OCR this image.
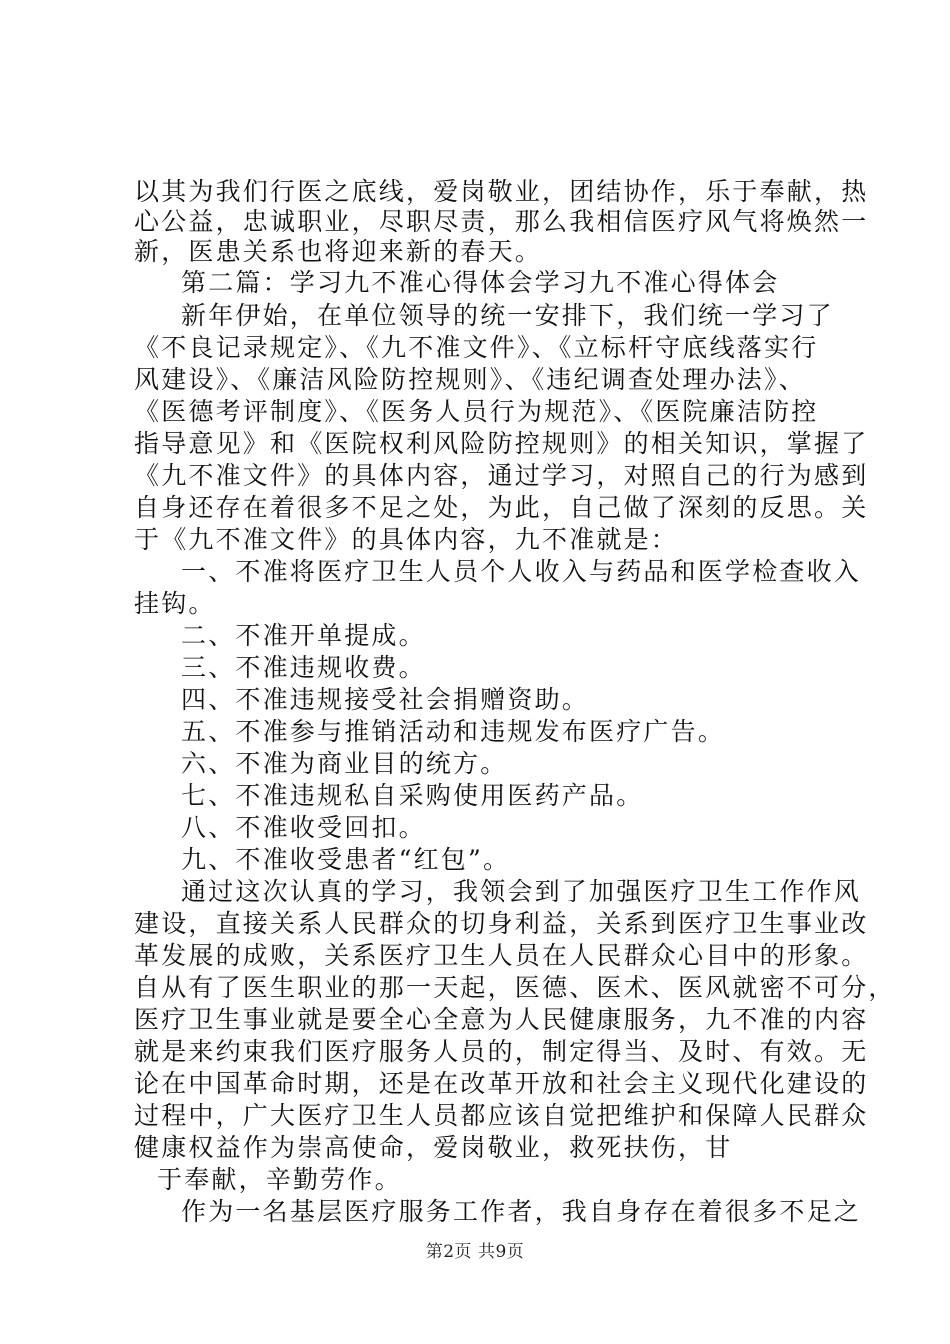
以其为我们行医之底线，爱岗敬业，团结协作，乐于奉献，热
心公益，忠诚职业，尽职尽责，那么我相信医疗风气将焕然一
新，医患关系也将迎来新的春天。
第二篇：学习九不准心得体会学习九不准心得体会
新年伊始，在单位领导的统一安排下，我们统一学习了
《不良记录规定》、《九不准文件》、《立标杆守底线落实行
风建设》、《廉洁风险防控规则》、《违纪调查处理办法》、
《医德考评制度》、《医务人员行为规范》、《医院廉洁防控
指导意见》和《医院权利风险防控规则》的相关知识，掌握了
《九不准文件》的具体内容，通过学习，对照自己的行为感到
自身还存在着很多不足之处，为此，自己做了深刻的反思。关
于《九不准文件》的具体内容，九不准就是：
一、不准将医疗卫生人员个人收入与药品和医学检查收入
挂钩。
二、不准开单提成。
三、不准违规收费。
四、不准违规接受社会捐赠资助。
五、不准参与推销活动和违规发布医疗广告。
六、不准为商业目的统方。
七、不准违规私自采购使用医药产品。
八、不准收受回扣。
九、不准收受患者“红包”。
通过这次认真的学习，我领会到了加强医疗卫生工作作风
建设，直接关系人民群众的切身利益，关系到医疗卫生事业改
革发展的成败，关系医疗卫生人员在人民群众心目中的形象。
自从有了医生职业的那一天起，医德、医术、医风就密不可分，
医疗卫生事业就是要全心全意为人民健康服务，九不准的内容
就是来约束我们医疗服务人员的，制定得当、及时、有效。无
论在中国革命时期，还是在改革开放和社会主义现代化建设的
过程中，广大医疗卫生人员都应该自觉把维护和保障人民群众
健康权益作为崇高使命，爱岗敬业，救死扶伤，甘
于奉献，辛勤劳作。
作为一名基层医疗服务工作者，我自身存在着很多不足之
第2页 共9页
